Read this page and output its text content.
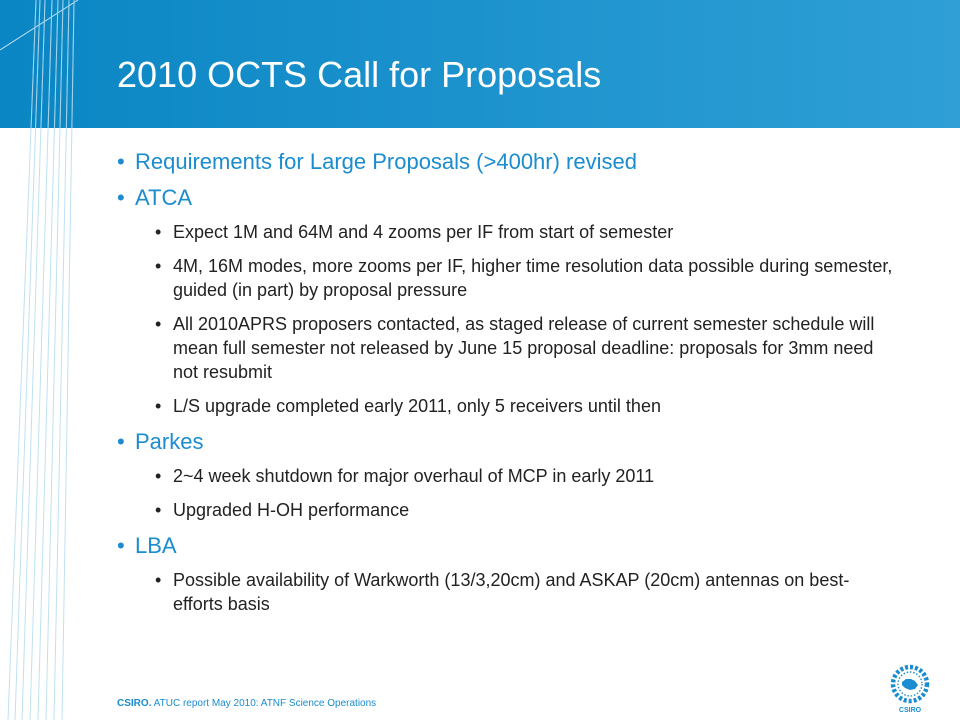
2010 OCTS Call for Proposals

• Requirements for Large Proposals (>400hr) revised

• ATCA

• Expect 1M and 64M and 4 zooms per IF from start of semester

• 4M, 16M modes, more zooms per IF, higher time resolution data possible during semester, guided (in part) by proposal pressure

• All 2010APRS proposers contacted, as staged release of current semester schedule will mean full semester not released by June 15 proposal deadline: proposals for 3mm need not resubmit

• L/S upgrade completed early 2011, only 5 receivers until then

• Parkes

• 2~4 week shutdown for major overhaul of MCP in early 2011

• Upgraded H-OH performance

• LBA

• Possible availability of Warkworth (13/3,20cm) and ASKAP (20cm) antennas on best-efforts basis

CSIRO. ATUC report May 2010: ATNF Science Operations
CSIRO
